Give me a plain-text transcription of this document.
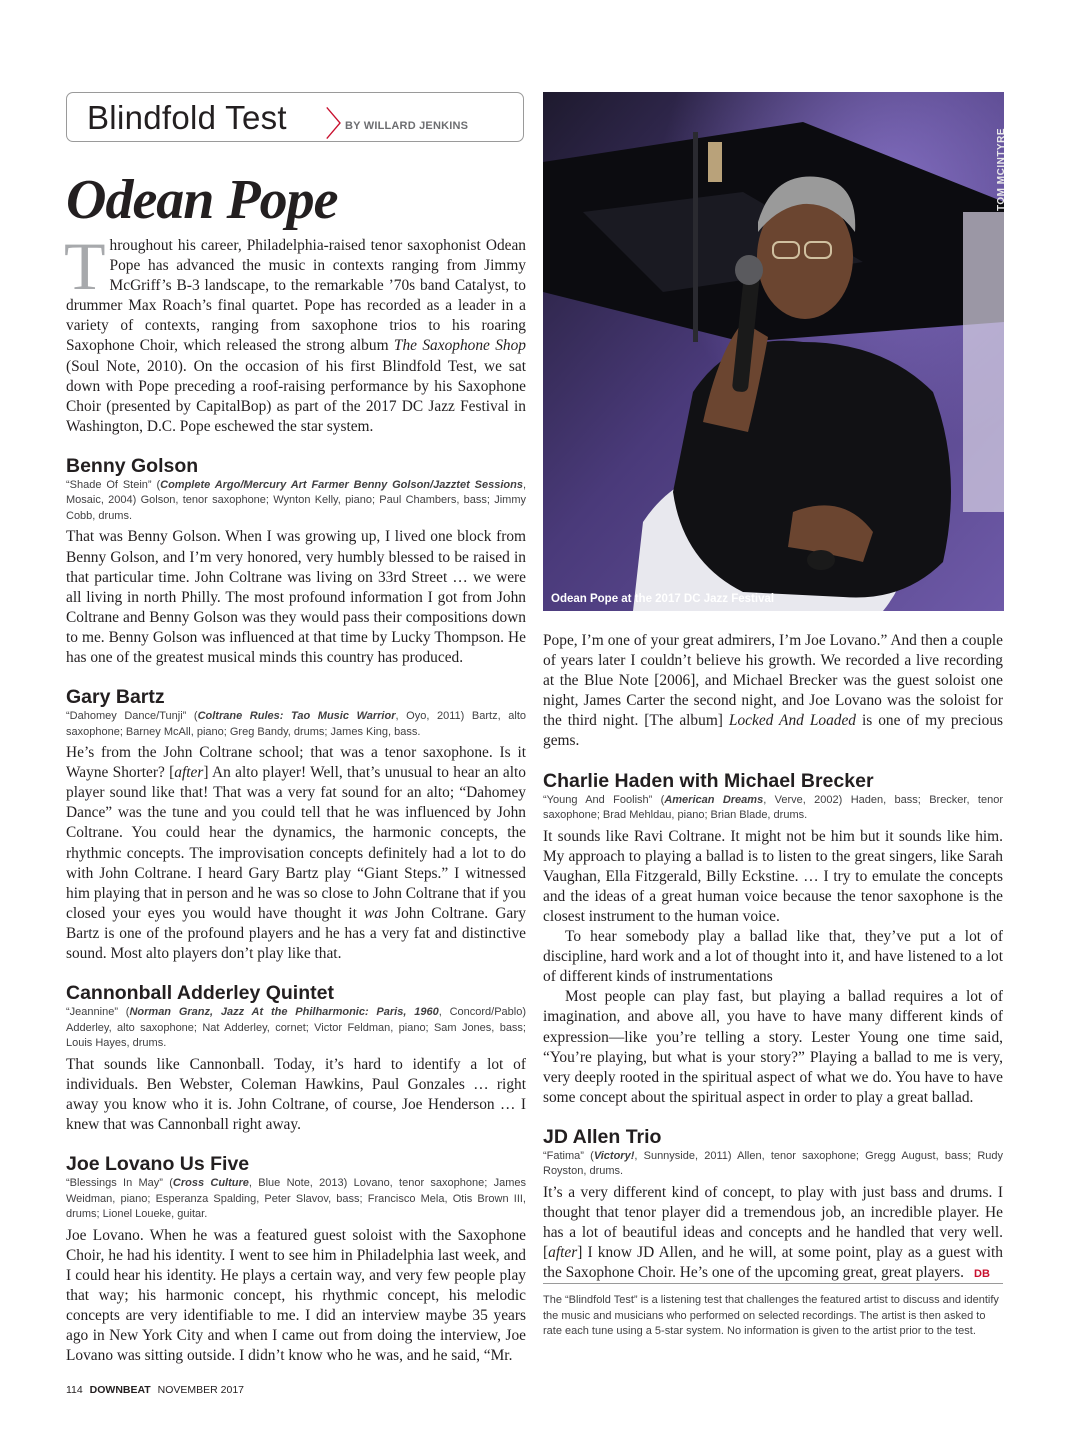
Blindfold Test 〉
BY WILLARD JENKINS
Odean Pope
T hroughout his career, Philadelphia-raised tenor saxophonist Odean Pope has advanced the music in contexts ranging from Jimmy McGriff’s B-3 landscape, to the remarkable ’70s band Catalyst, to drummer Max Roach’s final quartet. Pope has recorded as a leader in a variety of contexts, ranging from saxophone trios to his roaring Saxophone Choir, which released the strong album The Saxophone Shop (Soul Note, 2010). On the occasion of his first Blindfold Test, we sat down with Pope preceding a roof-raising performance by his Saxophone Choir (presented by CapitalBop) as part of the 2017 DC Jazz Festival in Washington, D.C. Pope eschewed the star system.
Benny Golson
“Shade Of Stein” (Complete Argo/Mercury Art Farmer Benny Golson/Jazztet Sessions, Mosaic, 2004) Golson, tenor saxophone; Wynton Kelly, piano; Paul Chambers, bass; Jimmy Cobb, drums.
That was Benny Golson. When I was growing up, I lived one block from Benny Golson, and I’m very honored, very humbly blessed to be raised in that particular time. John Coltrane was living on 33rd Street … we were all living in north Philly. The most profound information I got from John Coltrane and Benny Golson was they would pass their compositions down to me. Benny Golson was influenced at that time by Lucky Thompson. He has one of the greatest musical minds this country has produced.
Gary Bartz
“Dahomey Dance/Tunji” (Coltrane Rules: Tao Music Warrior, Oyo, 2011) Bartz, alto saxophone; Barney McAll, piano; Greg Bandy, drums; James King, bass.
He’s from the John Coltrane school; that was a tenor saxophone. Is it Wayne Shorter? [after] An alto player! Well, that’s unusual to hear an alto player sound like that! That was a very fat sound for an alto; “Dahomey Dance” was the tune and you could tell that he was influenced by John Coltrane. You could hear the dynamics, the harmonic concepts, the rhythmic concepts. The improvisation concepts definitely had a lot to do with John Coltrane. I heard Gary Bartz play “Giant Steps.” I witnessed him playing that in person and he was so close to John Coltrane that if you closed your eyes you would have thought it was John Coltrane. Gary Bartz is one of the profound players and he has a very fat and distinctive sound. Most alto players don’t play like that.
Cannonball Adderley Quintet
“Jeannine” (Norman Granz, Jazz At the Philharmonic: Paris, 1960, Concord/Pablo) Adderley, alto saxophone; Nat Adderley, cornet; Victor Feldman, piano; Sam Jones, bass; Louis Hayes, drums.
That sounds like Cannonball. Today, it’s hard to identify a lot of individuals. Ben Webster, Coleman Hawkins, Paul Gonzales … right away you know who it is. John Coltrane, of course, Joe Henderson … I knew that was Cannonball right away.
Joe Lovano Us Five
“Blessings In May” (Cross Culture, Blue Note, 2013) Lovano, tenor saxophone; James Weidman, piano; Esperanza Spalding, Peter Slavov, bass; Francisco Mela, Otis Brown III, drums; Lionel Loueke, guitar.
Joe Lovano. When he was a featured guest soloist with the Saxophone Choir, he had his identity. I went to see him in Philadelphia last week, and I could hear his identity. He plays a certain way, and very few people play that way; his harmonic concept, his rhythmic concept, his melodic concepts are very identifiable to me. I did an interview maybe 35 years ago in New York City and when I came out from doing the interview, Joe Lovano was sitting outside. I didn’t know who he was, and he said, “Mr.
TOM MCINTYRE
Odean Pope at the 2017 DC Jazz Festival
Pope, I’m one of your great admirers, I’m Joe Lovano.” And then a couple of years later I couldn’t believe his growth. We recorded a live recording at the Blue Note [2006], and Michael Brecker was the guest soloist one night, James Carter the second night, and Joe Lovano was the soloist for the third night. [The album] Locked And Loaded is one of my precious gems.
Charlie Haden with Michael Brecker
“Young And Foolish” (American Dreams, Verve, 2002) Haden, bass; Brecker, tenor saxophone; Brad Mehldau, piano; Brian Blade, drums.

It sounds like Ravi Coltrane. It might not be him but it sounds like him. My approach to playing a ballad is to listen to the great singers, like Sarah Vaughan, Ella Fitzgerald, Billy Eckstine. … I try to emulate the concepts and the ideas of a great human voice because the tenor saxophone is the closest instrument to the human voice.

To hear somebody play a ballad like that, they’ve put a lot of discipline, hard work and a lot of thought into it, and have listened to a lot of different kinds of instrumentations

Most people can play fast, but playing a ballad requires a lot of imagination, and above all, you have to have many different kinds of expression—like you’re telling a story. Lester Young one time said, “You’re playing, but what is your story?” Playing a ballad to me is very, very deeply rooted in the spiritual aspect of what we do. You have to have some concept about the spiritual aspect in order to play a great ballad.

JD Allen Trio
“Fatima” (Victory!, Sunnyside, 2011) Allen, tenor saxophone; Gregg August, bass; Rudy Royston, drums.

It’s a very different kind of concept, to play with just bass and drums. I thought that tenor player did a tremendous job, an incredible player. He has a lot of beautiful ideas and concepts and he handled that very well. [after] I know JD Allen, and he will, at some point, play as a guest with the Saxophone Choir. He’s one of the upcoming great, great players. DB

The “Blindfold Test” is a listening test that challenges the featured artist to discuss and identify the music and musicians who performed on selected recordings. The artist is then asked to rate each tune using a 5-star system. No information is given to the artist prior to the test.

114 DOWNBEAT NOVEMBER 2017
